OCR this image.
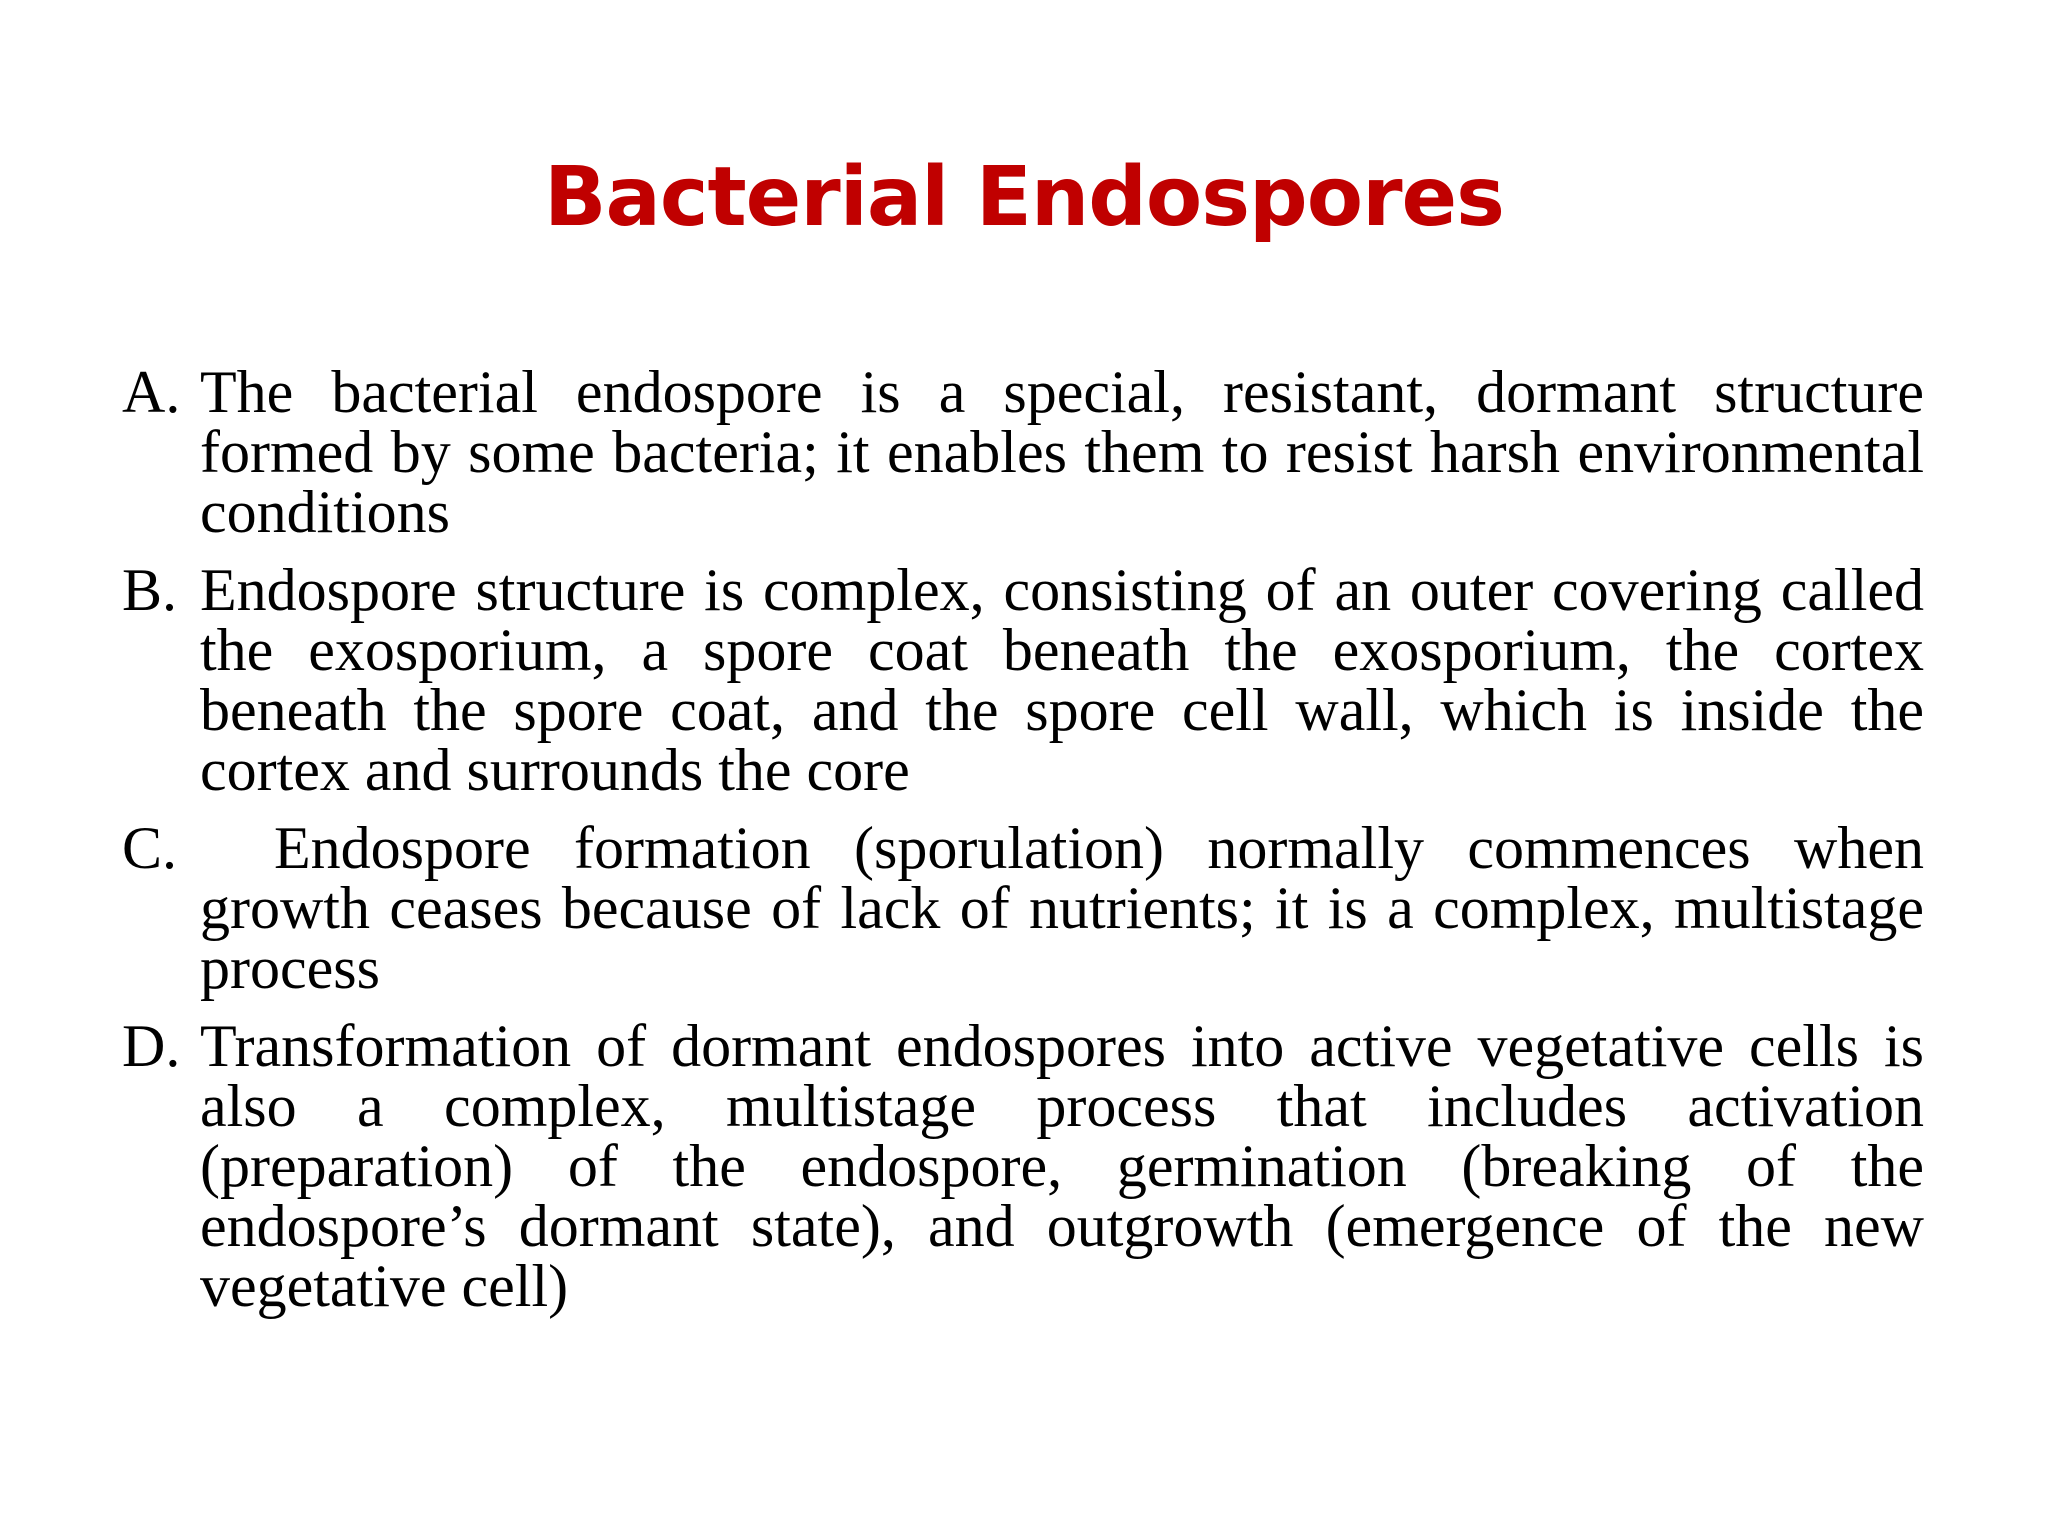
Bacterial Endospores
A. The bacterial endospore is a special, resistant, dormant structure formed by some bacteria; it enables them to resist harsh environmental conditions
B. Endospore structure is complex, consisting of an outer covering called the exosporium, a spore coat beneath the exosporium, the cortex beneath the spore coat, and the spore cell wall, which is inside the cortex and surrounds the core
C.	Endospore formation (sporulation) normally commences when growth ceases because of lack of nutrients; it is a complex, multistage process
D. Transformation of dormant endospores into active vegetative cells is also a complex, multistage process that includes activation (preparation) of the endospore, germination (breaking of the endospore’s dormant state), and outgrowth (emergence of the new vegetative cell)
